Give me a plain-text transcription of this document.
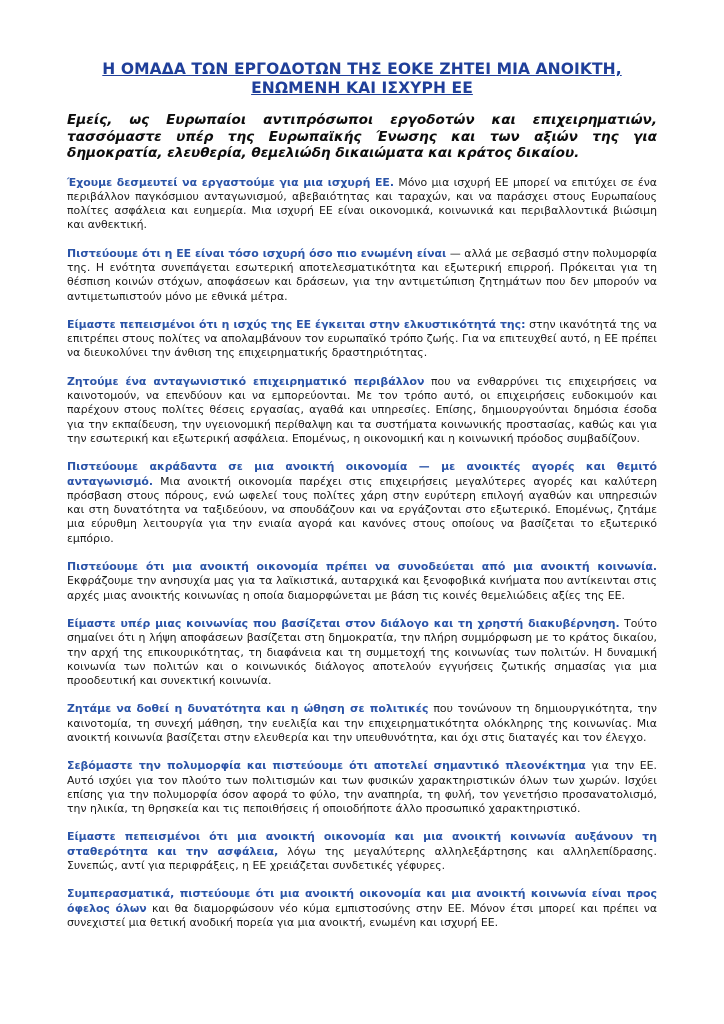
Η ΟΜΑΔΑ ΤΩΝ ΕΡΓΟΔΟΤΩΝ ΤΗΣ ΕΟΚΕ ΖΗΤΕΙ ΜΙΑ ΑΝΟΙΚΤΗ,
ΕΝΩΜΕΝΗ ΚΑΙ ΙΣΧΥΡΗ ΕΕ

Εμείς, ως Ευρωπαίοι αντιπρόσωποι εργοδοτών και επιχειρηματιών, τασσόμαστε υπέρ της Ευρωπαϊκής Ένωσης και των αξιών της για δημοκρατία, ελευθερία, θεμελιώδη δικαιώματα και κράτος δικαίου.

Έχουμε δεσμευτεί να εργαστούμε για μια ισχυρή ΕΕ. Μόνο μια ισχυρή ΕΕ μπορεί να επιτύχει σε ένα περιβάλλον παγκόσμιου ανταγωνισμού, αβεβαιότητας και ταραχών, και να παράσχει στους Ευρωπαίους πολίτες ασφάλεια και ευημερία. Μια ισχυρή ΕΕ είναι οικονομικά, κοινωνικά και περιβαλλοντικά βιώσιμη και ανθεκτική.

Πιστεύουμε ότι η ΕΕ είναι τόσο ισχυρή όσο πιο ενωμένη είναι — αλλά με σεβασμό στην πολυμορφία της. Η ενότητα συνεπάγεται εσωτερική αποτελεσματικότητα και εξωτερική επιρροή. Πρόκειται για τη θέσπιση κοινών στόχων, αποφάσεων και δράσεων, για την αντιμετώπιση ζητημάτων που δεν μπορούν να αντιμετωπιστούν μόνο με εθνικά μέτρα.

Είμαστε πεπεισμένοι ότι η ισχύς της ΕΕ έγκειται στην ελκυστικότητά της: στην ικανότητά της να επιτρέπει στους πολίτες να απολαμβάνουν τον ευρωπαϊκό τρόπο ζωής. Για να επιτευχθεί αυτό, η ΕΕ πρέπει να διευκολύνει την άνθιση της επιχειρηματικής δραστηριότητας.

Ζητούμε ένα ανταγωνιστικό επιχειρηματικό περιβάλλον που να ενθαρρύνει τις επιχειρήσεις να καινοτομούν, να επενδύουν και να εμπορεύονται. Με τον τρόπο αυτό, οι επιχειρήσεις ευδοκιμούν και παρέχουν στους πολίτες θέσεις εργασίας, αγαθά και υπηρεσίες. Επίσης, δημιουργούνται δημόσια έσοδα για την εκπαίδευση, την υγειονομική περίθαλψη και τα συστήματα κοινωνικής προστασίας, καθώς και για την εσωτερική και εξωτερική ασφάλεια. Επομένως, η οικονομική και η κοινωνική πρόοδος συμβαδίζουν.

Πιστεύουμε ακράδαντα σε μια ανοικτή οικονομία — με ανοικτές αγορές και θεμιτό ανταγωνισμό. Μια ανοικτή οικονομία παρέχει στις επιχειρήσεις μεγαλύτερες αγορές και καλύτερη πρόσβαση στους πόρους, ενώ ωφελεί τους πολίτες χάρη στην ευρύτερη επιλογή αγαθών και υπηρεσιών και στη δυνατότητα να ταξιδεύουν, να σπουδάζουν και να εργάζονται στο εξωτερικό. Επομένως, ζητάμε μια εύρυθμη λειτουργία για την ενιαία αγορά και κανόνες στους οποίους να βασίζεται το εξωτερικό εμπόριο.

Πιστεύουμε ότι μια ανοικτή οικονομία πρέπει να συνοδεύεται από μια ανοικτή κοινωνία. Εκφράζουμε την ανησυχία μας για τα λαϊκιστικά, αυταρχικά και ξενοφοβικά κινήματα που αντίκεινται στις αρχές μιας ανοικτής κοινωνίας η οποία διαμορφώνεται με βάση τις κοινές θεμελιώδεις αξίες της ΕΕ.

Είμαστε υπέρ μιας κοινωνίας που βασίζεται στον διάλογο και τη χρηστή διακυβέρνηση. Τούτο σημαίνει ότι η λήψη αποφάσεων βασίζεται στη δημοκρατία, την πλήρη συμμόρφωση με το κράτος δικαίου, την αρχή της επικουρικότητας, τη διαφάνεια και τη συμμετοχή της κοινωνίας των πολιτών. Η δυναμική κοινωνία των πολιτών και ο κοινωνικός διάλογος αποτελούν εγγυήσεις ζωτικής σημασίας για μια προοδευτική και συνεκτική κοινωνία.

Ζητάμε να δοθεί η δυνατότητα και η ώθηση σε πολιτικές που τονώνουν τη δημιουργικότητα, την καινοτομία, τη συνεχή μάθηση, την ευελιξία και την επιχειρηματικότητα ολόκληρης της κοινωνίας. Μια ανοικτή κοινωνία βασίζεται στην ελευθερία και την υπευθυνότητα, και όχι στις διαταγές και τον έλεγχο.

Σεβόμαστε την πολυμορφία και πιστεύουμε ότι αποτελεί σημαντικό πλεονέκτημα για την ΕΕ. Αυτό ισχύει για τον πλούτο των πολιτισμών και των φυσικών χαρακτηριστικών όλων των χωρών. Ισχύει επίσης για την πολυμορφία όσον αφορά το φύλο, την αναπηρία, τη φυλή, τον γενετήσιο προσανατολισμό, την ηλικία, τη θρησκεία και τις πεποιθήσεις ή οποιοδήποτε άλλο προσωπικό χαρακτηριστικό.

Είμαστε πεπεισμένοι ότι μια ανοικτή οικονομία και μια ανοικτή κοινωνία αυξάνουν τη σταθερότητα και την ασφάλεια, λόγω της μεγαλύτερης αλληλεξάρτησης και αλληλεπίδρασης. Συνεπώς, αντί για περιφράξεις, η ΕΕ χρειάζεται συνδετικές γέφυρες.

Συμπερασματικά, πιστεύουμε ότι μια ανοικτή οικονομία και μια ανοικτή κοινωνία είναι προς όφελος όλων και θα διαμορφώσουν νέο κύμα εμπιστοσύνης στην ΕΕ. Μόνον έτσι μπορεί και πρέπει να συνεχιστεί μια θετική ανοδική πορεία για μια ανοικτή, ενωμένη και ισχυρή ΕΕ.
